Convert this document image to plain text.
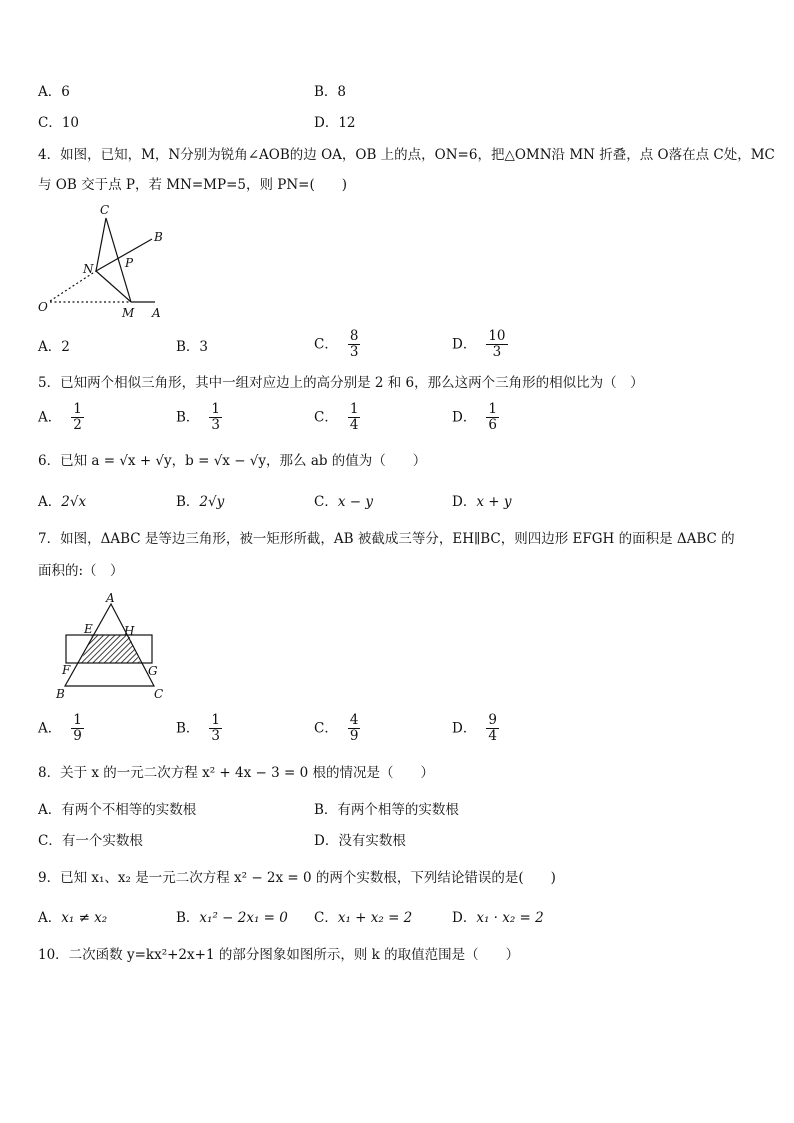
A．6	B．8
C．10	D．12
4．如图，已知，M，N分别为锐角∠AOB的边 OA，OB 上的点，ON=6，把△OMN沿 MN 折叠，点 O落在点 C处，MC
与 OB 交于点 P，若 MN=MP=5，则 PN=(　　)
C
B
N	P
O	M A
A．2	B．3	C． $\frac{8}{3}$	D． $\frac{10}{3}$
5．已知两个相似三角形，其中一组对应边上的高分别是 2 和 6，那么这两个三角形的相似比为（　）
A． $\frac{1}{2}$	B． $\frac{1}{3}$	C． $\frac{1}{4}$	D． $\frac{1}{6}$
6．已知 a = √x + √y，b = √x − √y，那么 ab 的值为（　　）
A．2√x	B．2√y	C．x − y	D．x + y
7．如图，ΔABC 是等边三角形，被一矩形所截，AB 被截成三等分，EH∥BC，则四边形 EFGH 的面积是 ΔABC 的
面积的:（　）
A
E	H
F	G
B	C
A． $\frac{1}{9}$	B． $\frac{1}{3}$	C． $\frac{4}{9}$	D． $\frac{9}{4}$
8．关于 x 的一元二次方程 x² + 4x − 3 = 0 根的情况是（　　）
A．有两个不相等的实数根	B．有两个相等的实数根
C．有一个实数根	D．没有实数根
9．已知 x₁、x₂ 是一元二次方程 x² − 2x = 0 的两个实数根，下列结论错误的是(　　)
A．x₁ ≠ x₂	B．x₁² − 2x₁ = 0 C．x₁ + x₂ = 2	D．x₁ · x₂ = 2
10．二次函数 y=kx²+2x+1 的部分图象如图所示，则 k 的取值范围是（　　）
